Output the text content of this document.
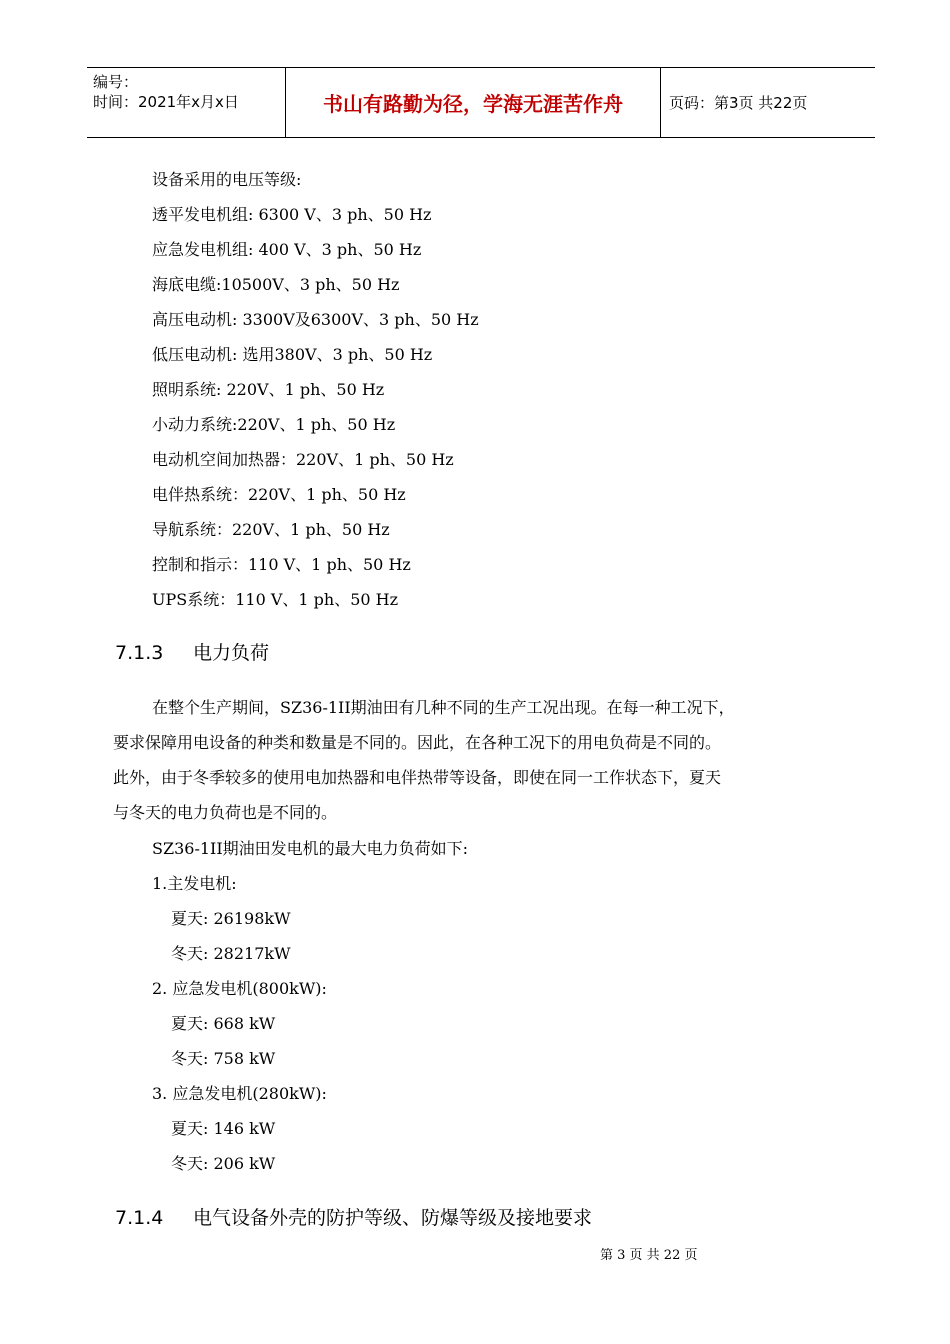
编号：
时间：2021年x月x日	书山有路勤为径，学海无涯苦作舟	页码：第3页 共22页
设备采用的电压等级:
透平发电机组: 6300 V、3 ph、50 Hz
应急发电机组: 400 V、3 ph、50 Hz
海底电缆:10500V、3 ph、50 Hz
高压电动机: 3300V及6300V、3 ph、50 Hz
低压电动机: 选用380V、3 ph、50 Hz
照明系统: 220V、1 ph、50 Hz
小动力系统:220V、1 ph、50 Hz
电动机空间加热器：220V、1 ph、50 Hz
电伴热系统：220V、1 ph、50 Hz
导航系统：220V、1 ph、50 Hz
控制和指示：110 V、1 ph、50 Hz
UPS系统：110 V、1 ph、50 Hz
7.1.3 电力负荷
在整个生产期间，SZ36-1II期油田有几种不同的生产工况出现。在每一种工况下，
要求保障用电设备的种类和数量是不同的。因此，在各种工况下的用电负荷是不同的。
此外，由于冬季较多的使用电加热器和电伴热带等设备，即使在同一工作状态下，夏天
与冬天的电力负荷也是不同的。
SZ36-1II期油田发电机的最大电力负荷如下:
1.主发电机:
夏天: 26198kW
冬天: 28217kW
2. 应急发电机(800kW):
夏天: 668 kW
冬天: 758 kW
3. 应急发电机(280kW):
夏天: 146 kW
冬天: 206 kW
7.1.4 电气设备外壳的防护等级、防爆等级及接地要求
第 3 页 共 22 页
